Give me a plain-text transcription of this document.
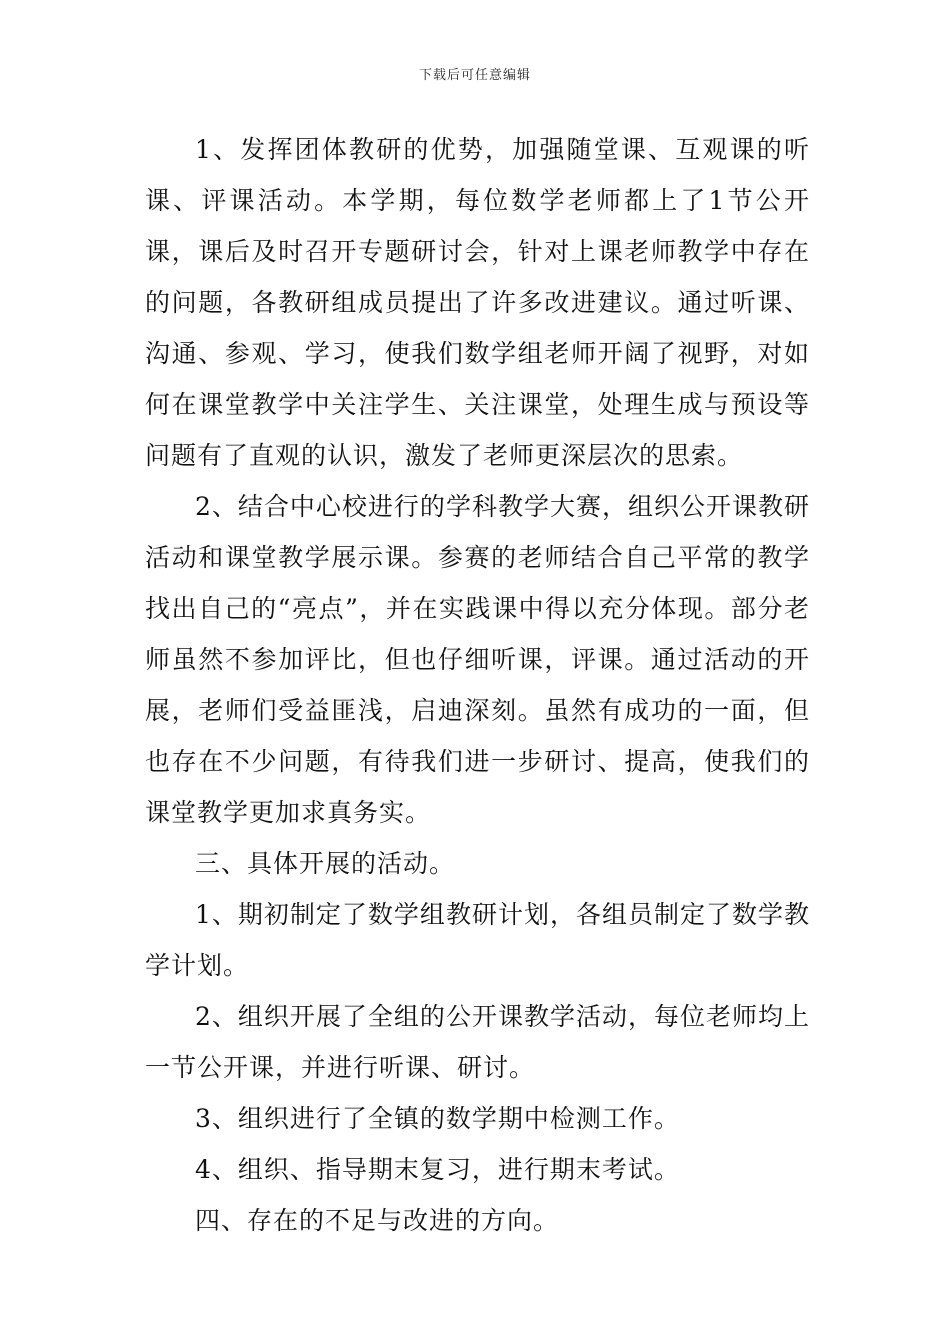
下载后可任意编辑

1、发挥团体教研的优势，加强随堂课、互观课的听课、评课活动。本学期，每位数学老师都上了1节公开课，课后及时召开专题研讨会，针对上课老师教学中存在的问题，各教研组成员提出了许多改进建议。通过听课、沟通、参观、学习，使我们数学组老师开阔了视野，对如何在课堂教学中关注学生、关注课堂，处理生成与预设等问题有了直观的认识，激发了老师更深层次的思索。

2、结合中心校进行的学科教学大赛，组织公开课教研活动和课堂教学展示课。参赛的老师结合自己平常的教学找出自己的“亮点”，并在实践课中得以充分体现。部分老师虽然不参加评比，但也仔细听课，评课。通过活动的开展，老师们受益匪浅，启迪深刻。虽然有成功的一面，但也存在不少问题，有待我们进一步研讨、提高，使我们的课堂教学更加求真务实。

三、具体开展的活动。

1、期初制定了数学组教研计划，各组员制定了数学教学计划。

2、组织开展了全组的公开课教学活动，每位老师均上一节公开课，并进行听课、研讨。

3、组织进行了全镇的数学期中检测工作。

4、组织、指导期末复习，进行期末考试。

四、存在的不足与改进的方向。
